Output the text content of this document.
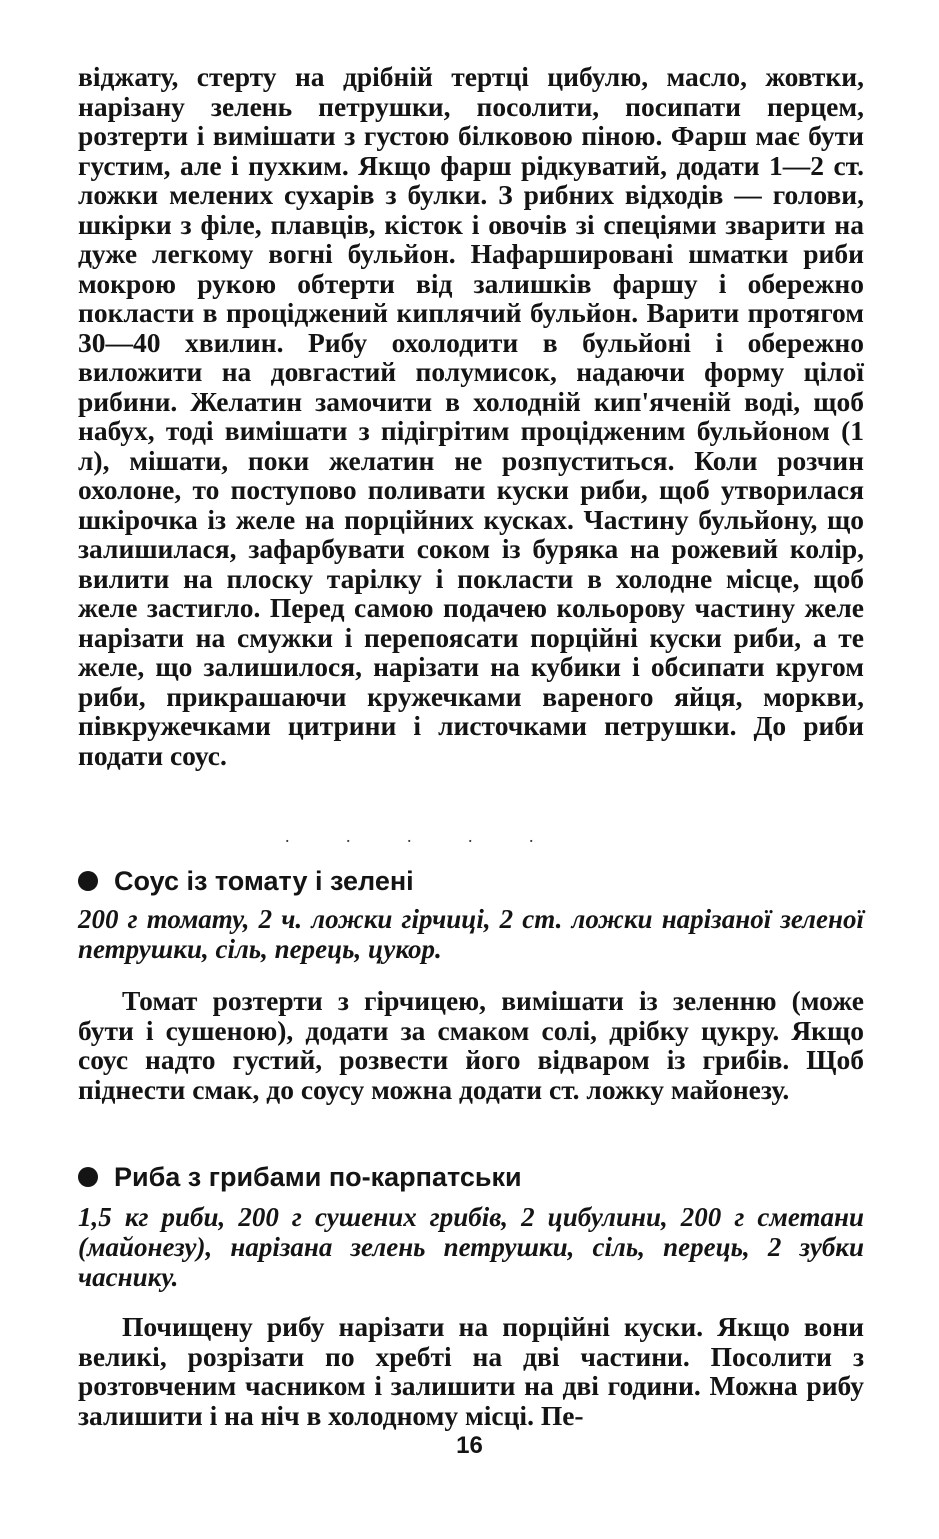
віджату, стерту на дрібній тертці цибулю, масло, жовтки, нарізану зелень петрушки, посолити, посипати перцем, розтерти і вимішати з густою білковою піною. Фарш має бути густим, але і пухким. Якщо фарш рідкуватий, додати 1—2 ст. ложки мелених сухарів з булки. З рибних відходів — голови, шкірки з філе, плавців, кісток і овочів зі спеціями зварити на дуже легкому вогні бульйон. Нафаршировані шматки риби мокрою рукою обтерти від залишків фаршу і обережно покласти в проціджeний киплячий бульйон. Варити протягом 30—40 хвилин. Рибу охолодити в бульйоні і обережно виложити на довгастий полумисок, надаючи форму цілої рибини. Желатин замочити в холодній кип'яченій воді, щоб набух, тоді вимішати з підігрітим проціджeним бульйоном (1 л), мішати, поки желатин не розпуститься. Коли розчин охолоне, то поступово поливати куски риби, щоб утворилася шкірочка із желе на порційних кусках. Частину бульйону, що залишилася, зафарбувати соком із буряка на рожевий колір, вилити на плоску тарілку і покласти в холодне місце, щоб желе застигло. Перед самою подачею кольорову частину желе нарізати на смужки і перепоясати порційні куски риби, а те желе, що залишилося, нарізати на кубики і обсипати кругом риби, прикрашаючи кружечками вареного яйця, моркви, півкружечками цитрини і листочками петрушки. До риби подати соус.

. . . . .
Соус із томату і зелені

200 г томату, 2 ч. ложки гірчиці, 2 ст. ложки нарізаної зеленої петрушки, сіль, перець, цукор.

Томат розтерти з гірчицею, вимішати із зеленню (може бути і сушеною), додати за смаком солі, дрібку цукру. Якщо соус надто густий, розвести його відваром із грибів. Щоб піднести смак, до соусу можна додати ст. ложку майонезу.

Риба з грибами по-карпатськи

1,5 кг риби, 200 г сушених грибів, 2 цибулини, 200 г сметани (майонезу), нарізана зелень петрушки, сіль, перець, 2 зубки часнику.

Почищену рибу нарізати на порційні куски. Якщо вони великі, розрізати по хребті на дві частини. Посолити з розтовченим часником і залишити на дві години. Можна рибу залишити і на ніч в холодному місці. Пе-

16
